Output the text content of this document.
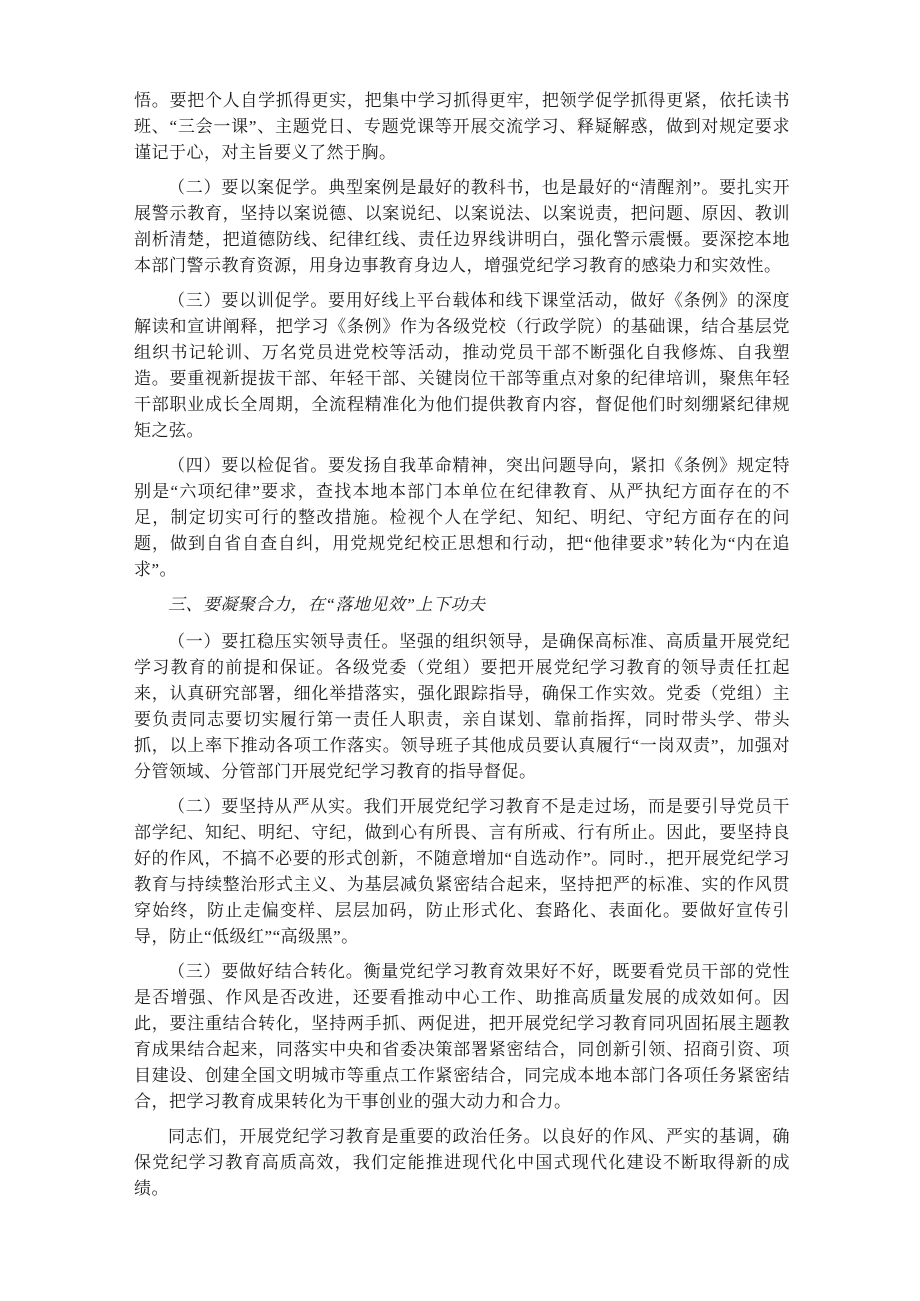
悟。要把个人自学抓得更实，把集中学习抓得更牢，把领学促学抓得更紧，依托读书班、“三会一课”、主题党日、专题党课等开展交流学习、释疑解惑，做到对规定要求谨记于心，对主旨要义了然于胸。

（二）要以案促学。典型案例是最好的教科书，也是最好的“清醒剂”。要扎实开展警示教育，坚持以案说德、以案说纪、以案说法、以案说责，把问题、原因、教训剖析清楚，把道德防线、纪律红线、责任边界线讲明白，强化警示震慑。要深挖本地本部门警示教育资源，用身边事教育身边人，增强党纪学习教育的感染力和实效性。

（三）要以训促学。要用好线上平台载体和线下课堂活动，做好《条例》的深度解读和宣讲阐释，把学习《条例》作为各级党校（行政学院）的基础课，结合基层党组织书记轮训、万名党员进党校等活动，推动党员干部不断强化自我修炼、自我塑造。要重视新提拔干部、年轻干部、关键岗位干部等重点对象的纪律培训，聚焦年轻干部职业成长全周期，全流程精准化为他们提供教育内容，督促他们时刻绷紧纪律规矩之弦。

（四）要以检促省。要发扬自我革命精神，突出问题导向，紧扣《条例》规定特别是“六项纪律”要求，查找本地本部门本单位在纪律教育、从严执纪方面存在的不足，制定切实可行的整改措施。检视个人在学纪、知纪、明纪、守纪方面存在的问题，做到自省自查自纠，用党规党纪校正思想和行动，把“他律要求”转化为“内在追求”。

三、要凝聚合力，在“落地见效”上下功夫

（一）要扛稳压实领导责任。坚强的组织领导，是确保高标准、高质量开展党纪学习教育的前提和保证。各级党委（党组）要把开展党纪学习教育的领导责任扛起来，认真研究部署，细化举措落实，强化跟踪指导，确保工作实效。党委（党组）主要负责同志要切实履行第一责任人职责，亲自谋划、靠前指挥，同时带头学、带头抓，以上率下推动各项工作落实。领导班子其他成员要认真履行“一岗双责”，加强对分管领域、分管部门开展党纪学习教育的指导督促。

（二）要坚持从严从实。我们开展党纪学习教育不是走过场，而是要引导党员干部学纪、知纪、明纪、守纪，做到心有所畏、言有所戒、行有所止。因此，要坚持良好的作风，不搞不必要的形式创新，不随意增加“自选动作”。同时.，把开展党纪学习教育与持续整治形式主义、为基层减负紧密结合起来，坚持把严的标准、实的作风贯穿始终，防止走偏变样、层层加码，防止形式化、套路化、表面化。要做好宣传引导，防止“低级红”“高级黑”。

（三）要做好结合转化。衡量党纪学习教育效果好不好，既要看党员干部的党性是否增强、作风是否改进，还要看推动中心工作、助推高质量发展的成效如何。因此，要注重结合转化，坚持两手抓、两促进，把开展党纪学习教育同巩固拓展主题教育成果结合起来，同落实中央和省委决策部署紧密结合，同创新引领、招商引资、项目建设、创建全国文明城市等重点工作紧密结合，同完成本地本部门各项任务紧密结合，把学习教育成果转化为干事创业的强大动力和合力。

同志们，开展党纪学习教育是重要的政治任务。以良好的作风、严实的基调，确保党纪学习教育高质高效，我们定能推进现代化中国式现代化建设不断取得新的成绩。
